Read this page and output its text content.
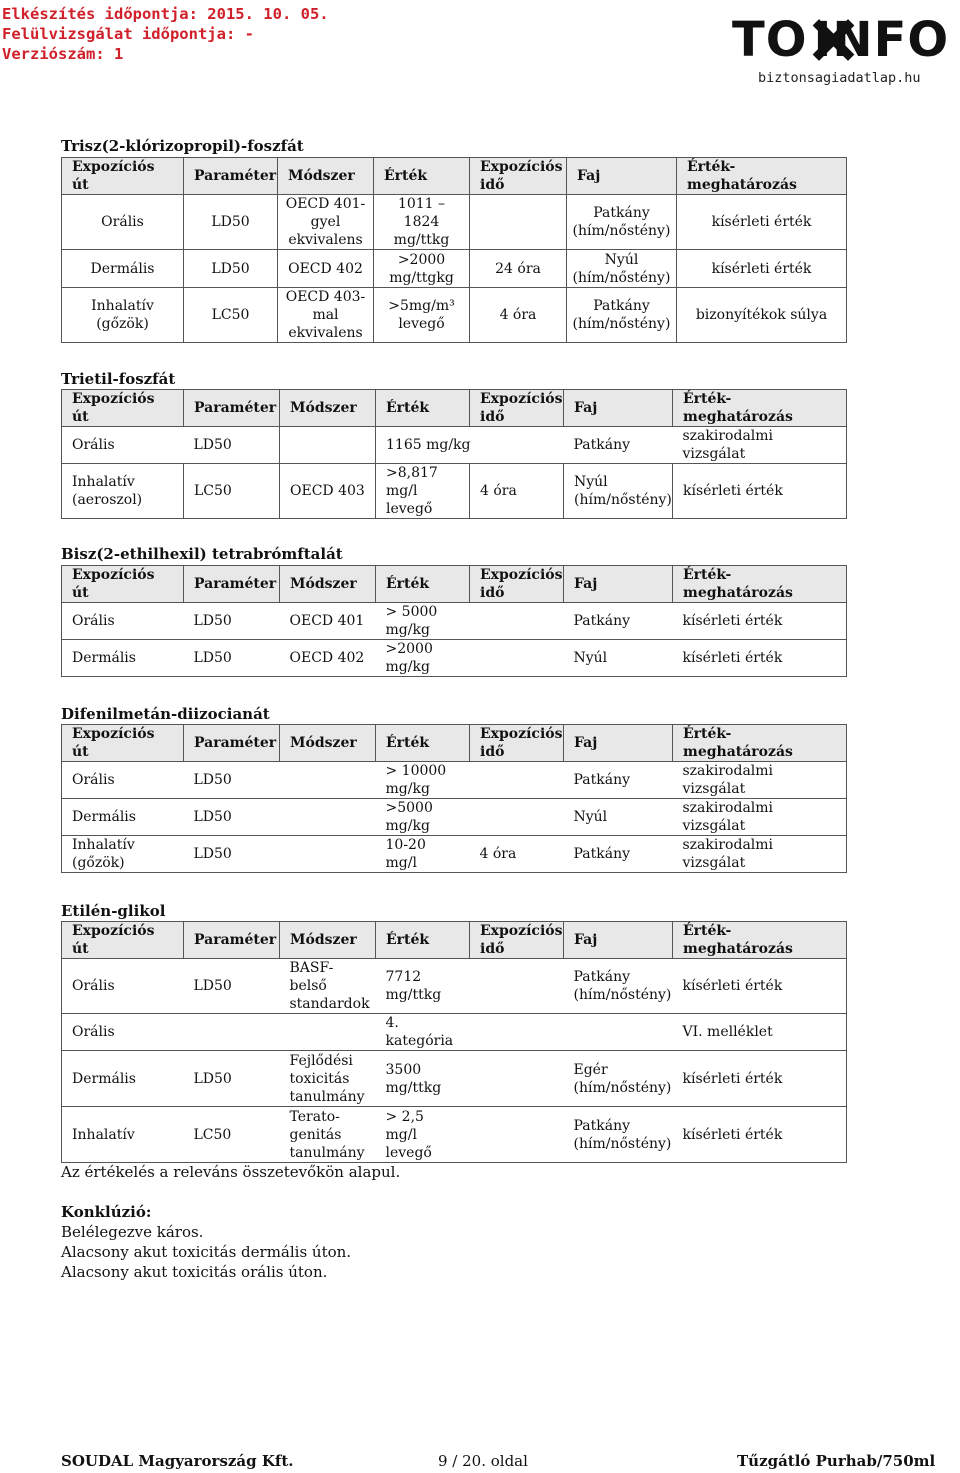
Elkészítés időpontja: 2015. 10. 05.
Felülvizsgálat időpontja: -
Verziószám: 1	TO INFO
biztonsagiadatlap.hu
Trisz(2-klórizopropil)-foszfát
Expozíciós út	Paraméter	Módszer	Érték	Expozíciós idő	Faj	Érték-meghatározás
Orális	LD50	OECD 401-gyel ekvivalens	1011 – 1824 mg/ttkg		Patkány (hím/nőstény)	kísérleti érték
Dermális	LD50	OECD 402	>2000 mg/ttgkg	24 óra	Nyúl (hím/nőstény)	kísérleti érték
Inhalatív (gőzök)	LC50	OECD 403-mal ekvivalens	>5mg/m³ levegő	4 óra	Patkány (hím/nőstény)	bizonyítékok súlya
Trietil-foszfát
Expozíciós út	Paraméter	Módszer	Érték	Expozíciós idő	Faj	Érték-meghatározás
Orális	LD50		1165 mg/kg		Patkány	szakirodalmi vizsgálat
Inhalatív (aeroszol)	LC50	OECD 403	>8,817 mg/l levegő	4 óra	Nyúl (hím/nőstény)	kísérleti érték
Bisz(2-ethilhexil) tetrabrómftalát
Expozíciós út	Paraméter	Módszer	Érték	Expozíciós idő	Faj	Érték-meghatározás
Orális	LD50	OECD 401	> 5000 mg/kg		Patkány	kísérleti érték
Dermális	LD50	OECD 402	>2000 mg/kg		Nyúl	kísérleti érték
Difenilmetán-diizocianát
Expozíciós út	Paraméter	Módszer	Érték	Expozíciós idő	Faj	Érték-meghatározás
Orális	LD50		> 10000 mg/kg		Patkány	szakirodalmi vizsgálat
Dermális	LD50		>5000 mg/kg		Nyúl	szakirodalmi vizsgálat
Inhalatív (gőzök)	LD50		10-20 mg/l	4 óra	Patkány	szakirodalmi vizsgálat
Etilén-glikol
Expozíciós út	Paraméter	Módszer	Érték	Expozíciós idő	Faj	Érték-meghatározás
Orális	LD50	BASF- belső standardok	7712 mg/ttkg		Patkány (hím/nőstény)	kísérleti érték
Orális			4. kategória			VI. melléklet
Dermális	LD50	Fejlődési toxicitás tanulmány	3500 mg/ttkg		Egér (hím/nőstény)	kísérleti érték
Inhalatív	LC50	Terato-genitás tanulmány	> 2,5 mg/l levegő		Patkány (hím/nőstény)	kísérleti érték
Az értékelés a releváns összetevőkön alapul.
Konklúzió:
Belélegezve káros.
Alacsony akut toxicitás dermális úton.
Alacsony akut toxicitás orális úton.
SOUDAL Magyarország Kft.	9 / 20. oldal	Tűzgátló Purhab/750ml
